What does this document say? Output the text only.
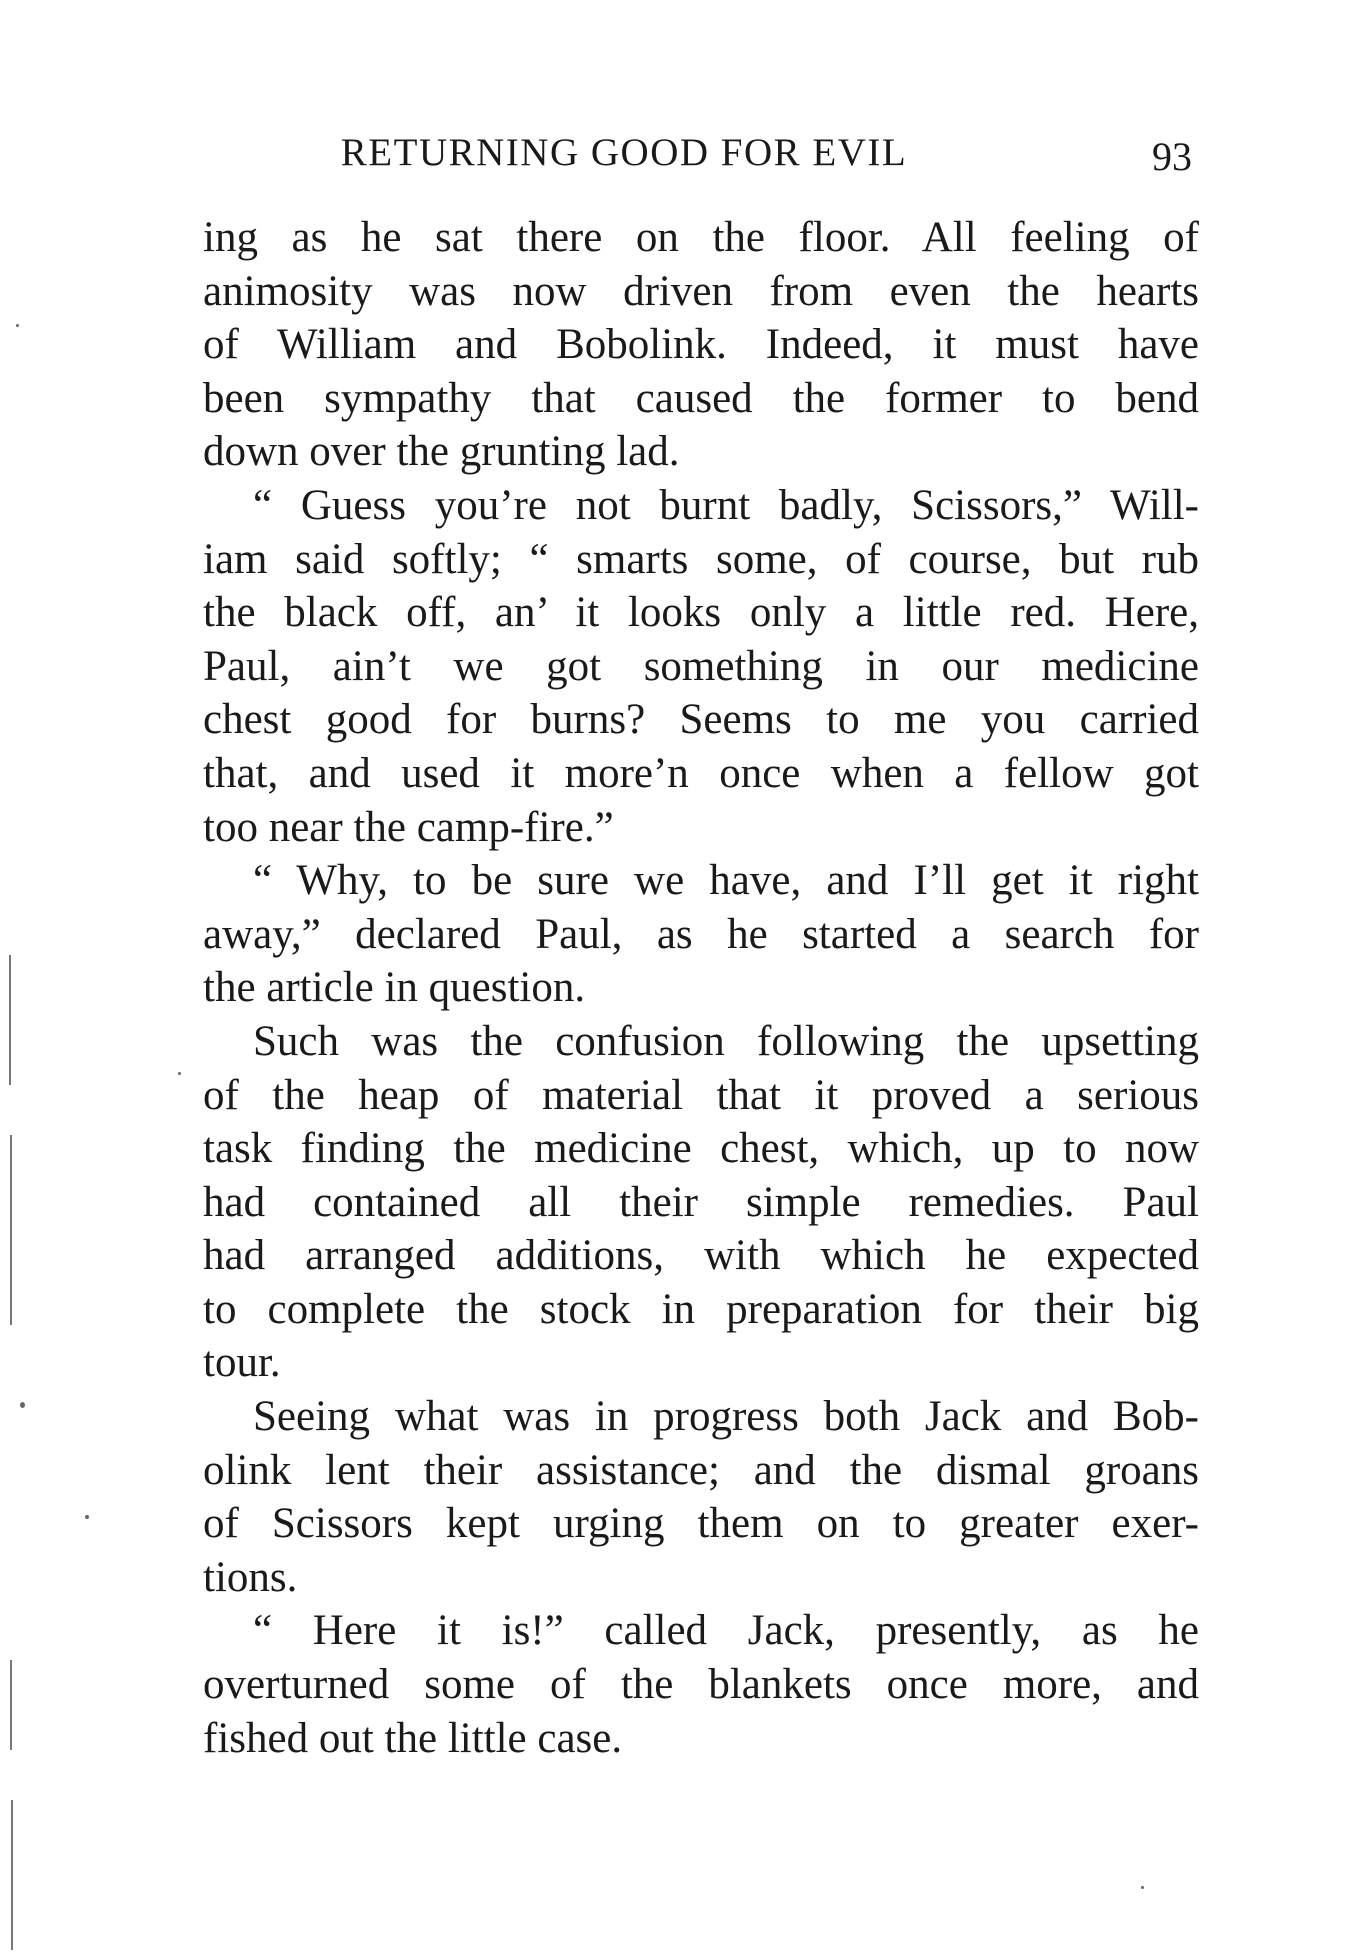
RETURNING GOOD FOR EVIL	93
ing as he sat there on the floor. All feeling of
animosity was now driven from even the hearts
of William and Bobolink. Indeed, it must have
been sympathy that caused the former to bend
down over the grunting lad.
“ Guess you’re not burnt badly, Scissors,” Will-
iam said softly; “ smarts some, of course, but rub
the black off, an’ it looks only a little red. Here,
Paul, ain’t we got something in our medicine
chest good for burns? Seems to me you carried
that, and used it more’n once when a fellow got
too near the camp-fire.”
“ Why, to be sure we have, and I’ll get it right
away,” declared Paul, as he started a search for
the article in question.
Such was the confusion following the upsetting
of the heap of material that it proved a serious
task finding the medicine chest, which, up to now
had contained all their simple remedies. Paul
had arranged additions, with which he expected
to complete the stock in preparation for their big
tour.
Seeing what was in progress both Jack and Bob-
olink lent their assistance; and the dismal groans
of Scissors kept urging them on to greater exer-
tions.
“ Here it is!” called Jack, presently, as he
overturned some of the blankets once more, and
fished out the little case.
